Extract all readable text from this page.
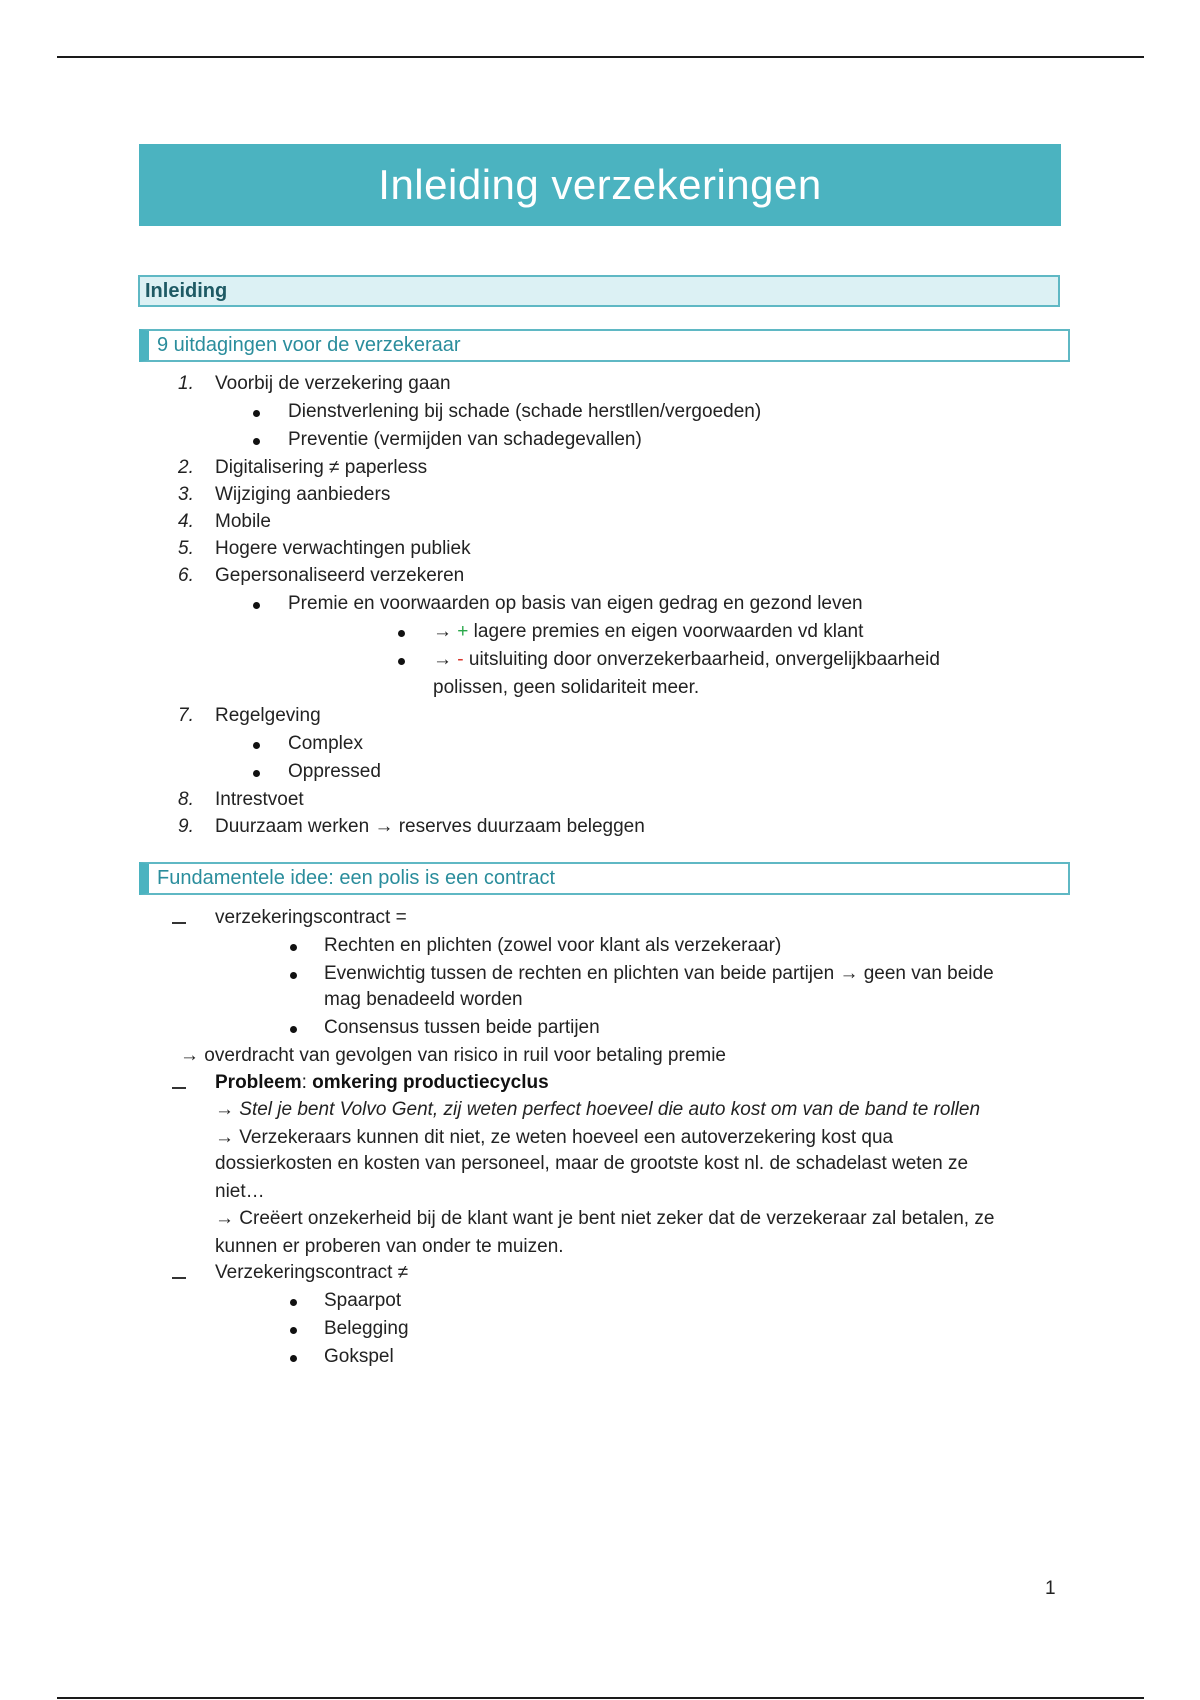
Inleiding verzekeringen
Inleiding
9 uitdagingen voor de verzekeraar
1. Voorbij de verzekering gaan
Dienstverlening bij schade (schade herstllen/vergoeden)
Preventie (vermijden van schadegevallen)
2. Digitalisering ≠ paperless
3. Wijziging aanbieders
4. Mobile
5. Hogere verwachtingen publiek
6. Gepersonaliseerd verzekeren
Premie en voorwaarden op basis van eigen gedrag en gezond leven
→ + lagere premies en eigen voorwaarden vd klant
→ - uitsluiting door onverzekerbaarheid, onvergelijkbaarheid
polissen, geen solidariteit meer.
7. Regelgeving
Complex
Oppressed
8. Intrestvoet
9. Duurzaam werken → reserves duurzaam beleggen
Fundamentele idee: een polis is een contract
verzekeringscontract =
Rechten en plichten (zowel voor klant als verzekeraar)
Evenwichtig tussen de rechten en plichten van beide partijen → geen van beide
mag benadeeld worden
Consensus tussen beide partijen
→ overdracht van gevolgen van risico in ruil voor betaling premie
Probleem: omkering productiecyclus
→ Stel je bent Volvo Gent, zij weten perfect hoeveel die auto kost om van de band te rollen
→ Verzekeraars kunnen dit niet, ze weten hoeveel een autoverzekering kost qua
dossierkosten en kosten van personeel, maar de grootste kost nl. de schadelast weten ze
niet…
→ Creëert onzekerheid bij de klant want je bent niet zeker dat de verzekeraar zal betalen, ze
kunnen er proberen van onder te muizen.
Verzekeringscontract ≠
Spaarpot
Belegging
Gokspel
1
